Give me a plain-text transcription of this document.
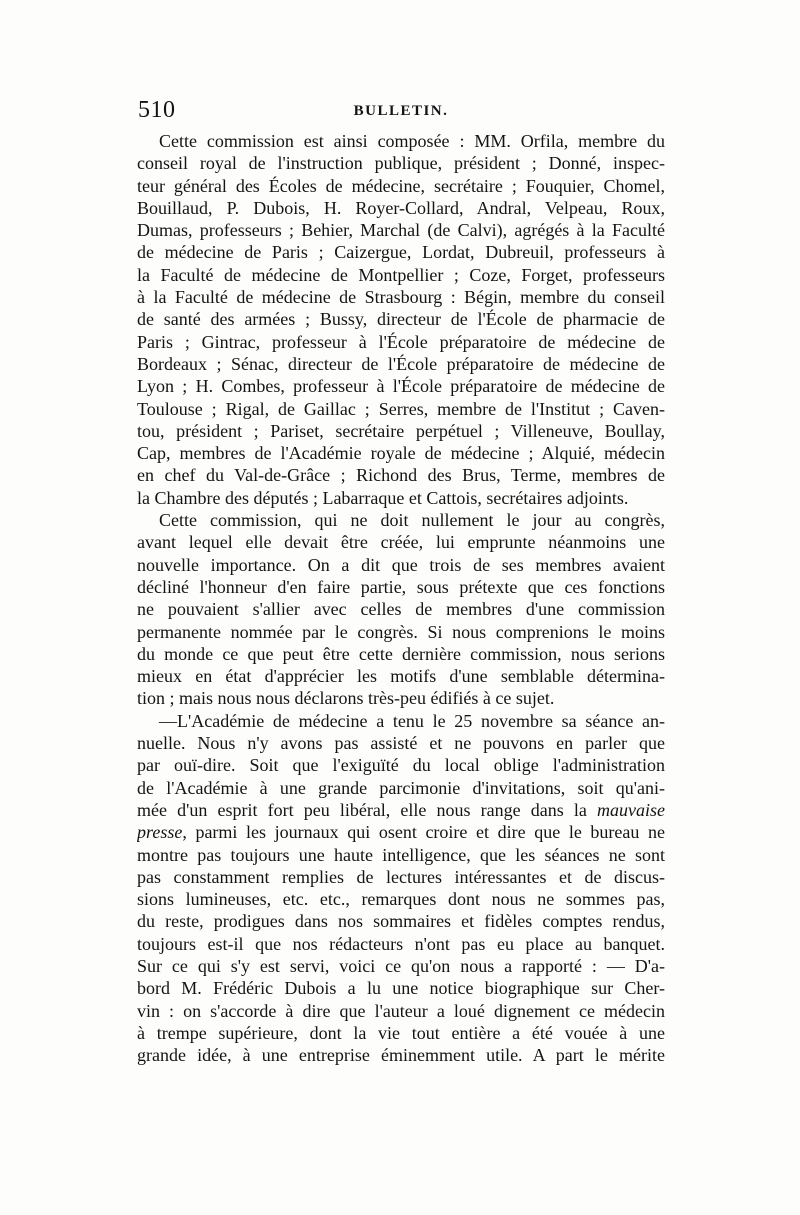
510	BULLETIN.
Cette commission est ainsi composée : MM. Orfila, membre du
conseil royal de l'instruction publique, président ; Donné, inspec-
teur général des Écoles de médecine, secrétaire ; Fouquier, Chomel,
Bouillaud, P. Dubois, H. Royer-Collard, Andral, Velpeau, Roux,
Dumas, professeurs ; Behier, Marchal (de Calvi), agrégés à la Faculté
de médecine de Paris ; Caizergue, Lordat, Dubreuil, professeurs à
la Faculté de médecine de Montpellier ; Coze, Forget, professeurs
à la Faculté de médecine de Strasbourg : Bégin, membre du conseil
de santé des armées ; Bussy, directeur de l'École de pharmacie de
Paris ; Gintrac, professeur à l'École préparatoire de médecine de
Bordeaux ; Sénac, directeur de l'École préparatoire de médecine de
Lyon ; H. Combes, professeur à l'École préparatoire de médecine de
Toulouse ; Rigal, de Gaillac ; Serres, membre de l'Institut ; Caven-
tou, président ; Pariset, secrétaire perpétuel ; Villeneuve, Boullay,
Cap, membres de l'Académie royale de médecine ; Alquié, médecin
en chef du Val-de-Grâce ; Richond des Brus, Terme, membres de
la Chambre des députés ; Labarraque et Cattois, secrétaires adjoints.
Cette commission, qui ne doit nullement le jour au congrès,
avant lequel elle devait être créée, lui emprunte néanmoins une
nouvelle importance. On a dit que trois de ses membres avaient
décliné l'honneur d'en faire partie, sous prétexte que ces fonctions
ne pouvaient s'allier avec celles de membres d'une commission
permanente nommée par le congrès. Si nous comprenions le moins
du monde ce que peut être cette dernière commission, nous serions
mieux en état d'apprécier les motifs d'une semblable détermina-
tion ; mais nous nous déclarons très-peu édifiés à ce sujet.
—L'Académie de médecine a tenu le 25 novembre sa séance an-
nuelle. Nous n'y avons pas assisté et ne pouvons en parler que
par ouï-dire. Soit que l'exiguïté du local oblige l'administration
de l'Académie à une grande parcimonie d'invitations, soit qu'ani-
mée d'un esprit fort peu libéral, elle nous range dans la mauvaise
presse, parmi les journaux qui osent croire et dire que le bureau ne
montre pas toujours une haute intelligence, que les séances ne sont
pas constamment remplies de lectures intéressantes et de discus-
sions lumineuses, etc. etc., remarques dont nous ne sommes pas,
du reste, prodigues dans nos sommaires et fidèles comptes rendus,
toujours est-il que nos rédacteurs n'ont pas eu place au banquet.
Sur ce qui s'y est servi, voici ce qu'on nous a rapporté : — D'a-
bord M. Frédéric Dubois a lu une notice biographique sur Cher-
vin : on s'accorde à dire que l'auteur a loué dignement ce médecin
à trempe supérieure, dont la vie tout entière a été vouée à une
grande idée, à une entreprise éminemment utile. A part le mérite
